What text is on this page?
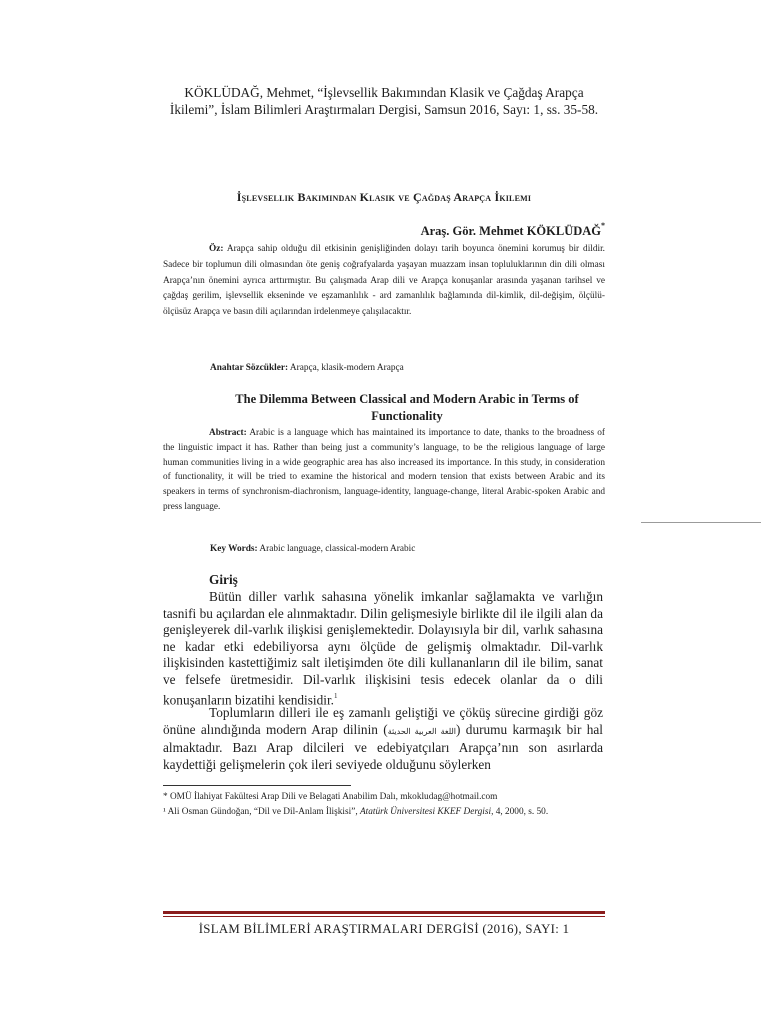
KÖKLÜDAĞ, Mehmet, “İşlevsellik Bakımından Klasik ve Çağdaş Arapça İkilemi”, İslam Bilimleri Araştırmaları Dergisi, Samsun 2016, Sayı: 1, ss. 35-58.
İşlevsellik Bakımından Klasik ve Çağdaş Arapça İkilemi
Araş. Gör. Mehmet KÖKLÜDAĞ*
Öz: Arapça sahip olduğu dil etkisinin genişliğinden dolayı tarih boyunca önemini korumuş bir dildir. Sadece bir toplumun dili olmasından öte geniş coğrafyalarda yaşayan muazzam insan topluluklarının din dili olması Arapça’nın önemini ayrıca arttırmıştır. Bu çalışmada Arap dili ve Arapça konuşanlar arasında yaşanan tarihsel ve çağdaş gerilim, işlevsellik ekseninde ve eşzamanlılık - ard zamanlılık bağlamında dil-kimlik, dil-değişim, ölçülü-ölçüsüz Arapça ve basın dili açılarından irdelenmeye çalışılacaktır.
Anahtar Sözcükler: Arapça, klasik-modern Arapça
The Dilemma Between Classical and Modern Arabic in Terms of Functionality
Abstract: Arabic is a language which has maintained its importance to date, thanks to the broadness of the linguistic impact it has. Rather than being just a community’s language, to be the religious language of large human communities living in a wide geographic area has also increased its importance. In this study, in consideration of functionality, it will be tried to examine the historical and modern tension that exists between Arabic and its speakers in terms of synchronism-diachronism, language-identity, language-change, literal Arabic-spoken Arabic and press language.
Key Words: Arabic language, classical-modern Arabic
Giriş
Bütün diller varlık sahasına yönelik imkanlar sağlamakta ve varlığın tasnifi bu açılardan ele alınmaktadır. Dilin gelişmesiyle birlikte dil ile ilgili alan da genişleyerek dil-varlık ilişkisi genişlemektedir. Dolayısıyla bir dil, varlık sahasına ne kadar etki edebiliyorsa aynı ölçüde de gelişmiş olmaktadır. Dil-varlık ilişkisinden kastettiğimiz salt iletişimden öte dili kullananların dil ile bilim, sanat ve felsefe üretmesidir. Dil-varlık ilişkisini tesis edecek olanlar da o dili konuşanların bizatihi kendisidir.$^1$
Toplumların dilleri ile eş zamanlı geliştiği ve çöküş sürecine girdiği göz önüne alındığında modern Arap dilinin (اللغة العربية الحديثة) durumu karmaşık bir hal almaktadır. Bazı Arap dilcileri ve edebiyatçıları Arapça’nın son asırlarda kaydettiği gelişmelerin çok ileri seviyede olduğunu söylerken
* OMÜ İlahiyat Fakültesi Arap Dili ve Belagati Anabilim Dalı, mkokludag@hotmail.com
¹ Ali Osman Gündoğan, “Dil ve Dil-Anlam İlişkisi”, Atatürk Üniversitesi KKEF Dergisi, 4, 2000, s. 50.
İSLAM BİLİMLERİ ARAŞTIRMALARI DERGİSİ (2016), SAYI: 1
